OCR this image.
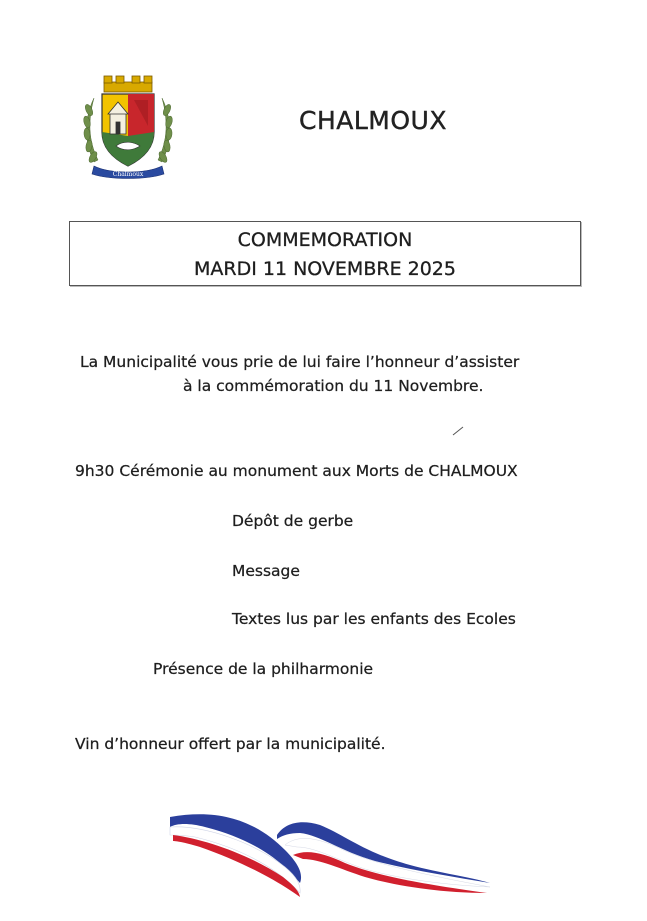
Chalmoux
CHALMOUX
COMMEMORATION
MARDI 11 NOVEMBRE 2025
La Municipalité vous prie de lui faire l’honneur d’assister
à la commémoration du 11 Novembre.
9h30 Cérémonie au monument aux Morts de CHALMOUX
Dépôt de gerbe
Message
Textes lus par les enfants des Ecoles
Présence de la philharmonie
Vin d’honneur offert par la municipalité.
